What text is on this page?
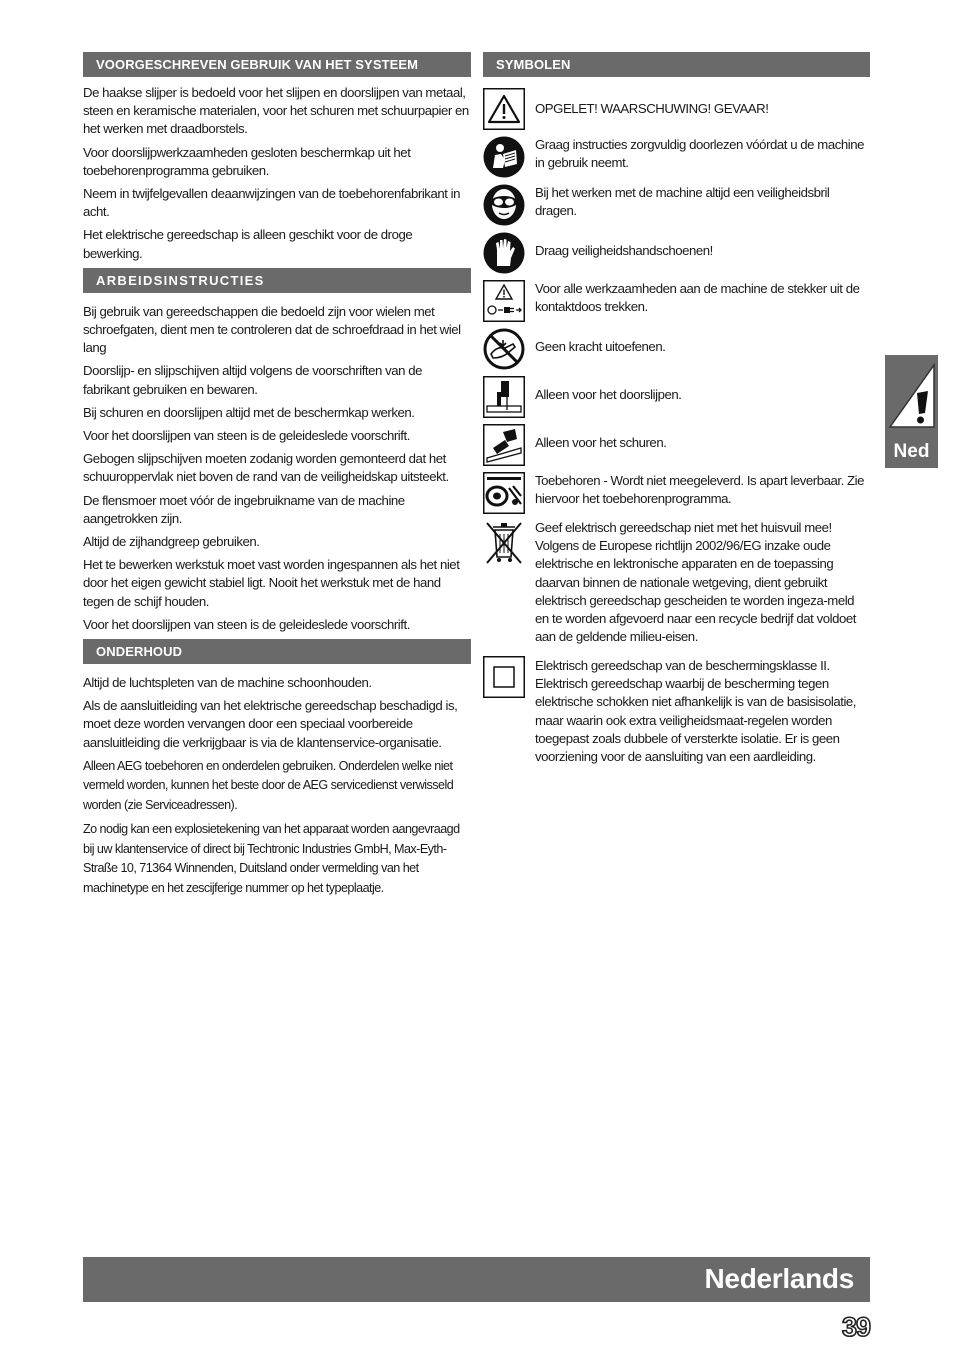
VOORGESCHREVEN GEBRUIK VAN HET SYSTEEM

De haakse slijper is bedoeld voor het slijpen en doorslijpen van metaal, steen en keramische materialen, voor het schuren met schuurpapier en het werken met draadborstels.

Voor doorslijpwerkzaamheden gesloten beschermkap uit het toebehorenprogramma gebruiken.

Neem in twijfelgevallen deaanwijzingen van de toebehorenfabrikant in acht.

Het elektrische gereedschap is alleen geschikt voor de droge bewerking.

ARBEIDSINSTRUCTIES

Bij gebruik van gereedschappen die bedoeld zijn voor wielen met schroefgaten, dient men te controleren dat de schroefdraad in het wiel lang

Doorslijp- en slijpschijven altijd volgens de voorschriften van de fabrikant gebruiken en bewaren.

Bij schuren en doorslijpen altijd met de beschermkap werken.

Voor het doorslijpen van steen is de geleideslede voorschrift.

Gebogen slijpschijven moeten zodanig worden gemonteerd dat het schuuroppervlak niet boven de rand van de veiligheidskap uitsteekt.

De flensmoer moet vóór de ingebruikname van de machine aangetrokken zijn.

Altijd de zijhandgreep gebruiken.

Het te bewerken werkstuk moet vast worden ingespannen als het niet door het eigen gewicht stabiel ligt. Nooit het werkstuk met de hand tegen de schijf houden.

Voor het doorslijpen van steen is de geleideslede voorschrift.

ONDERHOUD

Altijd de luchtspleten van de machine schoonhouden.

Als de aansluitleiding van het elektrische gereedschap beschadigd is, moet deze worden vervangen door een speciaal voorbereide aansluitleiding die verkrijgbaar is via de klantenservice-organisatie.

Alleen AEG toebehoren en onderdelen gebruiken. Onderdelen welke niet vermeld worden, kunnen het beste door de AEG servicedienst verwisseld worden (zie Serviceadressen).

Zo nodig kan een explosietekening van het apparaat worden aangevraagd bij uw klantenservice of direct bij Techtronic Industries GmbH, Max-Eyth-Straße 10, 71364 Winnenden, Duitsland onder vermelding van het machinetype en het zescijferige nummer op het typeplaatje.

SYMBOLEN
OPGELET! WAARSCHUWING! GEVAAR!
Graag instructies zorgvuldig doorlezen vóórdat u de machine in gebruik neemt.
Bij het werken met de machine altijd een veiligheidsbril dragen.
Draag veiligheidshandschoenen!
Voor alle werkzaamheden aan de machine de stekker uit de kontaktdoos trekken.
Geen kracht uitoefenen.
Alleen voor het doorslijpen.
Alleen voor het schuren.
Toebehoren - Wordt niet meegeleverd. Is apart leverbaar. Zie hiervoor het toebehorenprogramma.
Geef elektrisch gereedschap niet met het huisvuil mee! Volgens de Europese richtlijn 2002/96/EG inzake oude elektrische en lektronische apparaten en de toepassing daarvan binnen de nationale wetgeving, dient gebruikt elektrisch gereedschap gescheiden te worden ingeza-meld en te worden afgevoerd naar een recycle bedrijf dat voldoet aan de geldende milieu-eisen.
Elektrisch gereedschap van de beschermingsklasse II. Elektrisch gereedschap waarbij de bescherming tegen elektrische schokken niet afhankelijk is van de basisisolatie, maar waarin ook extra veiligheidsmaat-regelen worden toegepast zoals dubbele of versterkte isolatie. Er is geen voorziening voor de aansluiting van een aardleiding.
Ned
Nederlands
39
